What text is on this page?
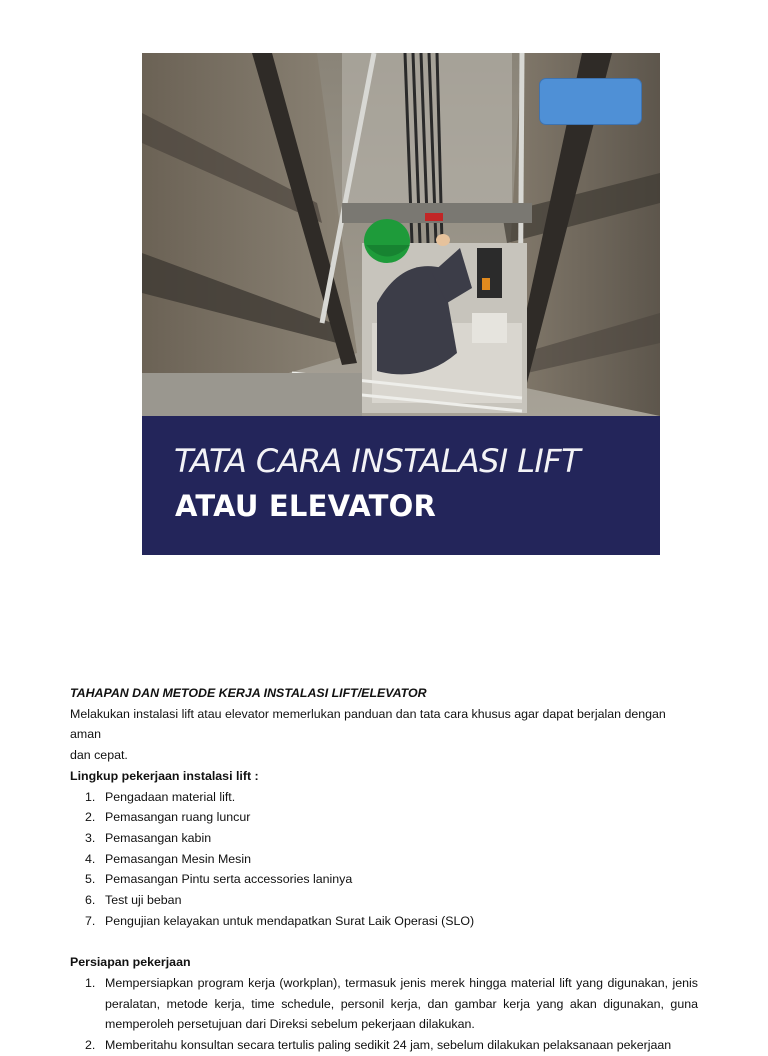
TATA CARA INSTALASI LIFT
ATAU ELEVATOR

TAHAPAN DAN METODE KERJA INSTALASI LIFT/ELEVATOR

Melakukan instalasi lift atau elevator memerlukan panduan dan tata cara khusus agar dapat berjalan dengan aman

dan cepat.

Lingkup pekerjaan instalasi lift :

1. Pengadaan material lift.
2. Pemasangan ruang luncur
3. Pemasangan kabin
4. Pemasangan Mesin Mesin
5. Pemasangan Pintu serta accessories laninya
6. Test uji beban
7. Pengujian kelayakan untuk mendapatkan Surat Laik Operasi (SLO)

Persiapan pekerjaan

1. Mempersiapkan program kerja (workplan), termasuk jenis merek hingga material lift yang digunakan, jenis peralatan, metode kerja, time schedule, personil kerja, dan gambar kerja yang akan digunakan, guna memperoleh persetujuan dari Direksi sebelum pekerjaan dilakukan.
2. Memberitahu konsultan secara tertulis paling sedikit 24 jam, sebelum dilakukan pelaksanaan pekerjaan
